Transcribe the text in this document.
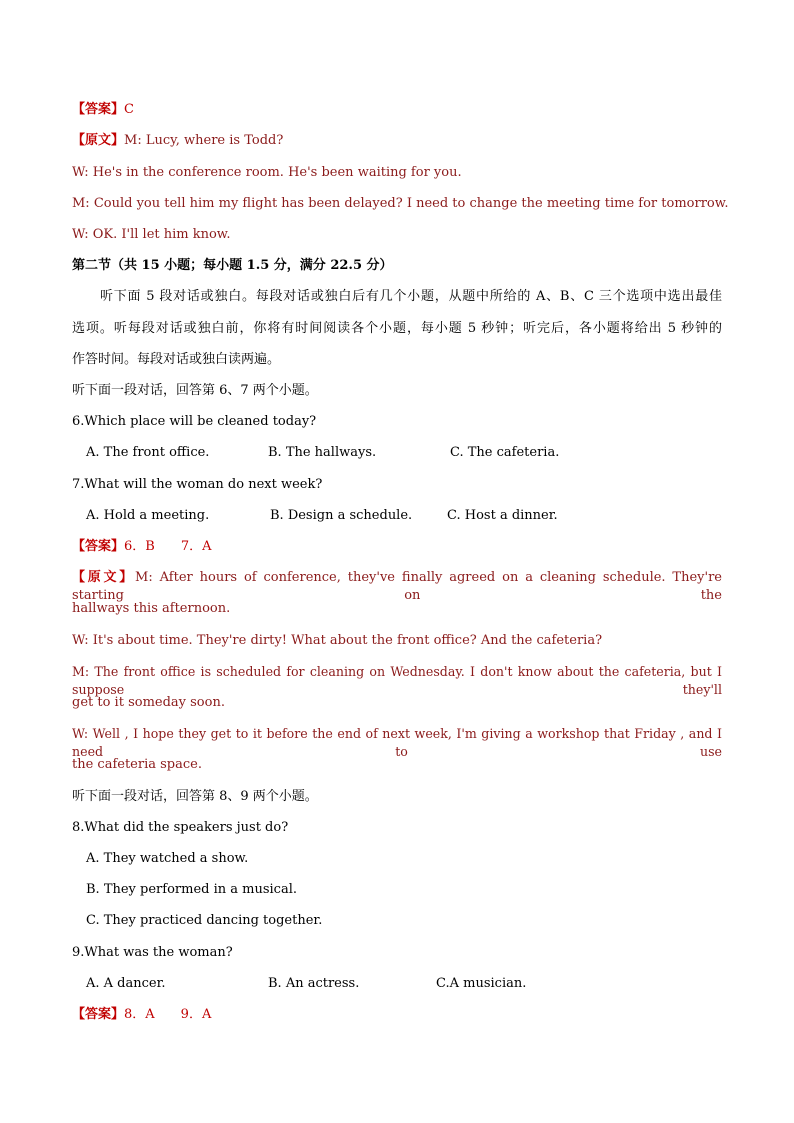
【答案】C
【原文】M: Lucy, where is Todd?
W: He's in the conference room. He's been waiting for you.
M: Could you tell him my flight has been delayed? I need to change the meeting time for tomorrow.
W: OK. I'll let him know.
第二节（共 15 小题；每小题 1.5 分，满分 22.5 分）
听下面 5 段对话或独白。每段对话或独白后有几个小题，从题中所给的 A、B、C 三个选项中选出最佳
选项。听每段对话或独白前，你将有时间阅读各个小题，每小题 5 秒钟；听完后，各小题将给出 5 秒钟的
作答时间。每段对话或独白读两遍。
听下面一段对话，回答第 6、7 两个小题。
6.Which place will be cleaned today?
A. The front office.	B. The hallways.	C. The cafeteria.
7.What will the woman do next week?
A. Hold a meeting.	B. Design a schedule.	C. Host a dinner.
【答案】6．B　　7．A
【原文】M: After hours of conference, they've finally agreed on a cleaning schedule. They're starting on the
hallways this afternoon.
W: It's about time. They're dirty! What about the front office? And the cafeteria?
M: The front office is scheduled for cleaning on Wednesday. I don't know about the cafeteria, but I suppose they'll
get to it someday soon.
W: Well , I hope they get to it before the end of next week, I'm giving a workshop that Friday , and I need to use
the cafeteria space.
听下面一段对话，回答第 8、9 两个小题。
8.What did the speakers just do?
A. They watched a show.
B. They performed in a musical.
C. They practiced dancing together.
9.What was the woman?
A. A dancer.	B. An actress.	C.A musician.
【答案】8．A　　9．A
